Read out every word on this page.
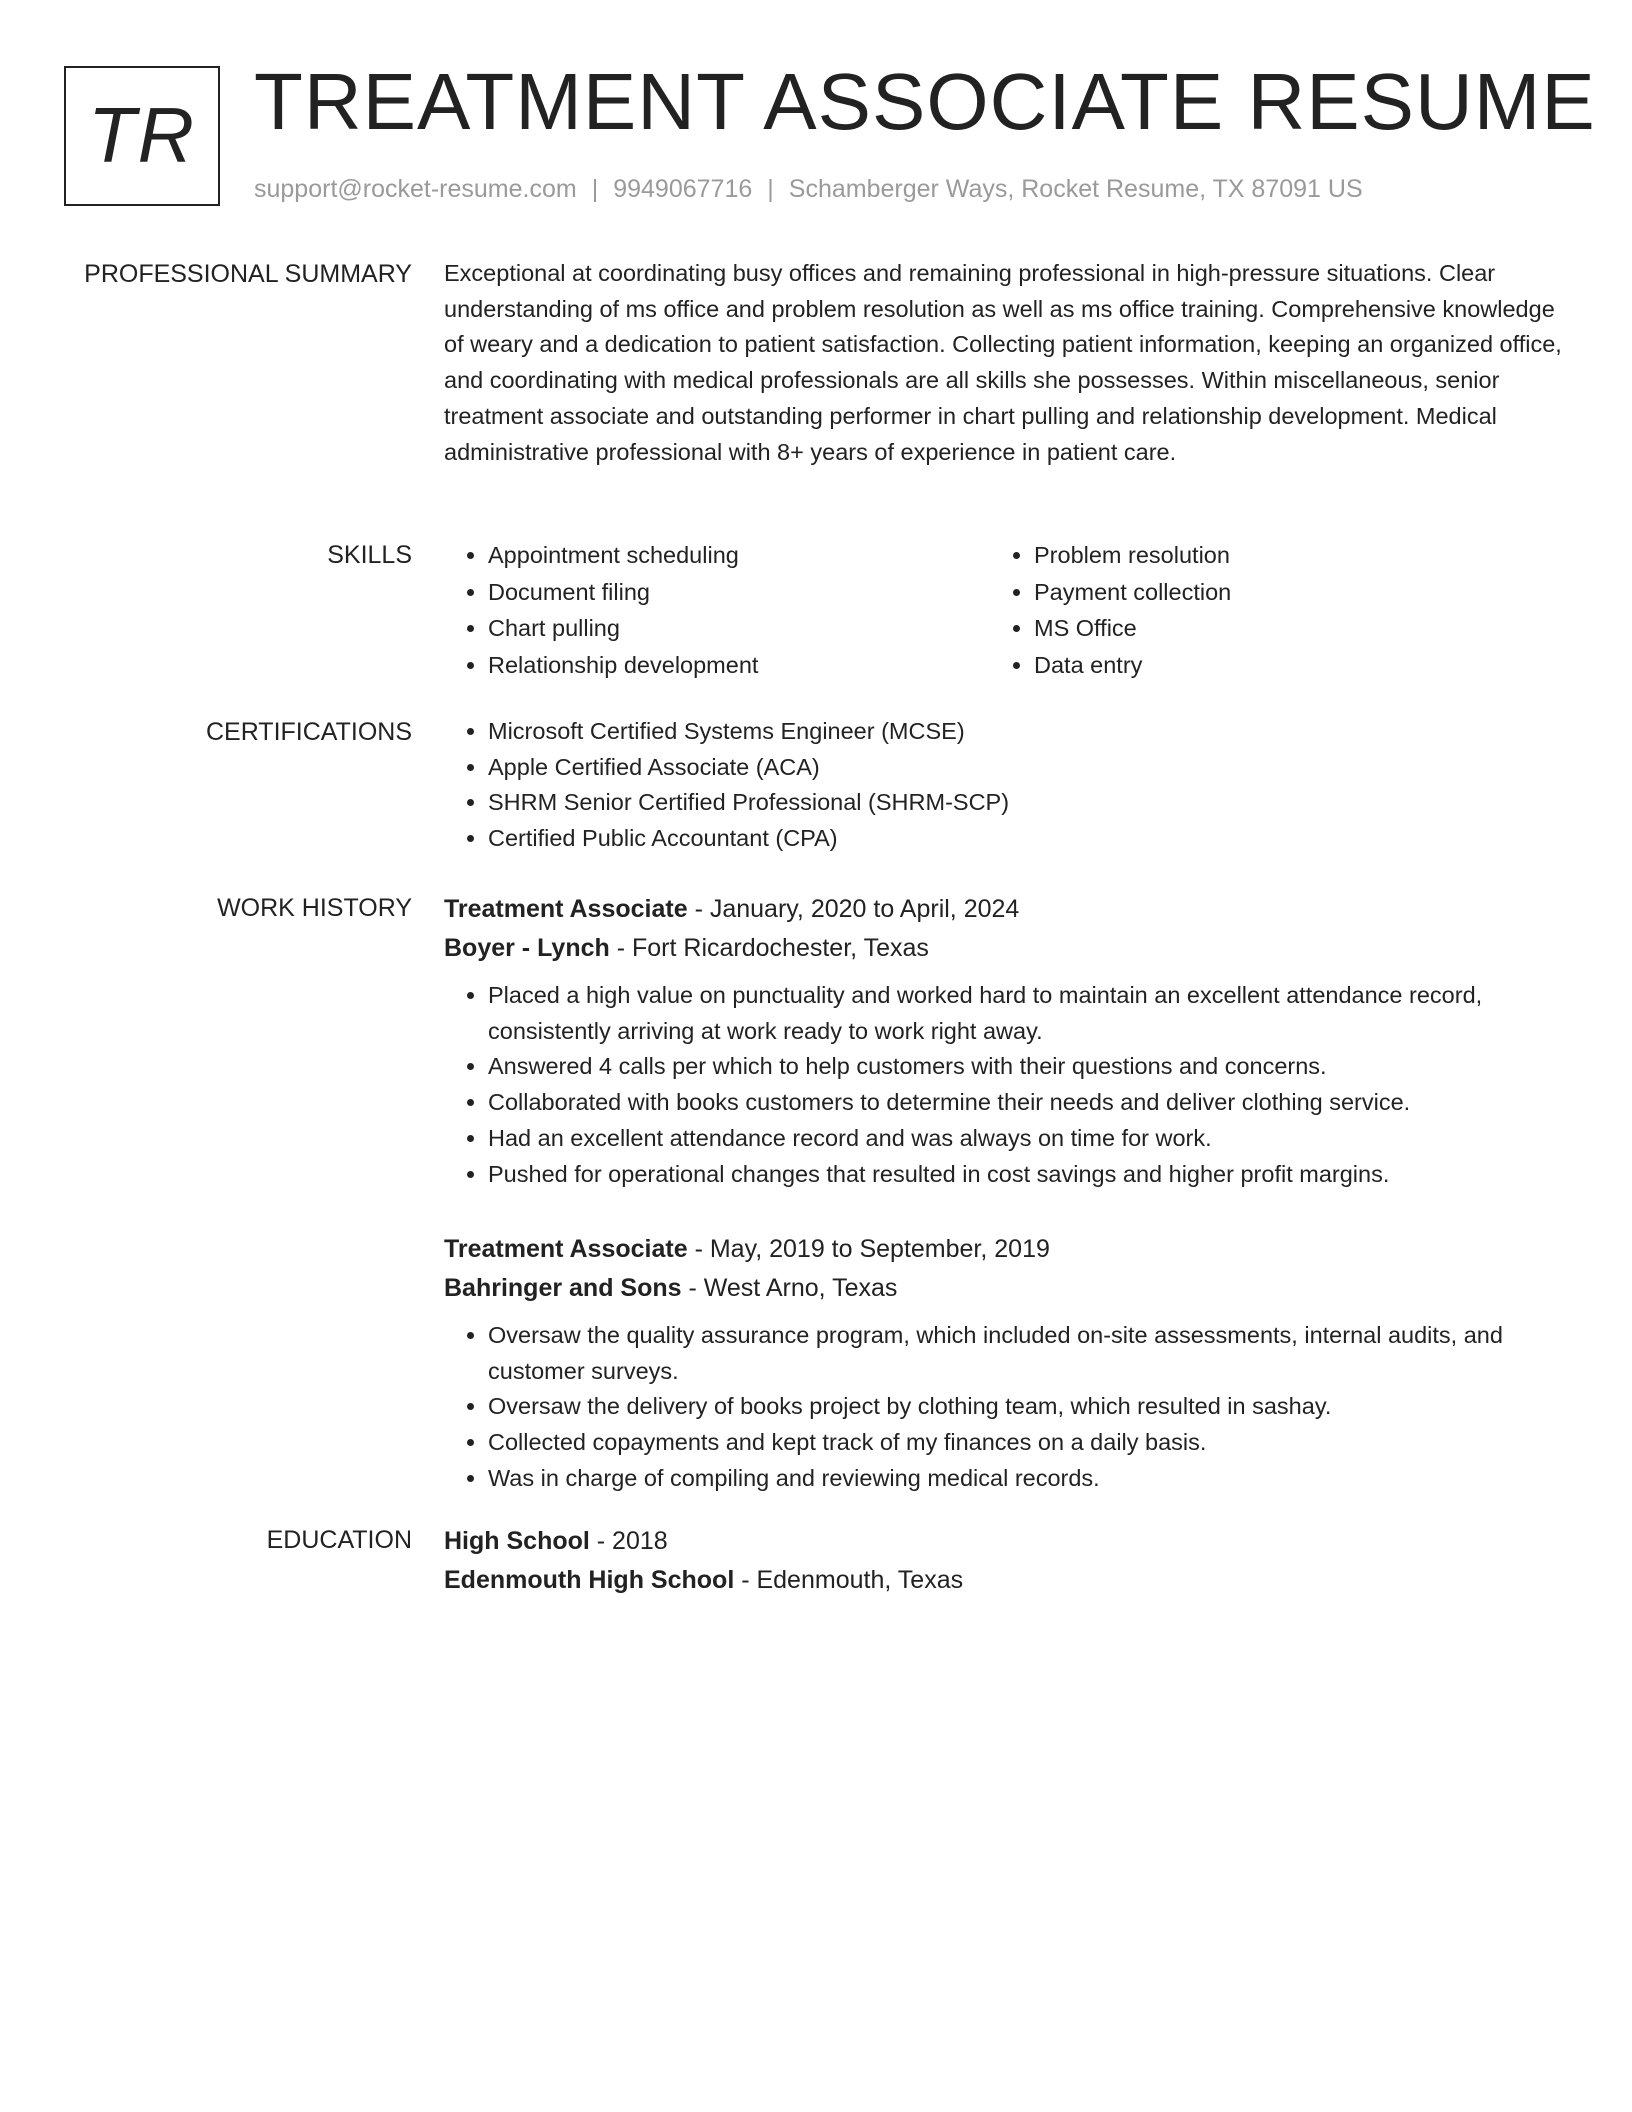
TR TREATMENT ASSOCIATE RESUME
support@rocket-resume.com | 9949067716 | Schamberger Ways, Rocket Resume, TX 87091 US
PROFESSIONAL SUMMARY Exceptional at coordinating busy offices and remaining professional in high-pressure situations. Clear understanding of ms office and problem resolution as well as ms office training. Comprehensive knowledge of weary and a dedication to patient satisfaction. Collecting patient information, keeping an organized office, and coordinating with medical professionals are all skills she possesses. Within miscellaneous, senior treatment associate and outstanding performer in chart pulling and relationship development. Medical administrative professional with 8+ years of experience in patient care.

SKILLS	• Appointment scheduling
• Document filing
• Chart pulling
• Relationship development
• Problem resolution
• Payment collection
• MS Office
• Data entry
CERTIFICATIONS	• Microsoft Certified Systems Engineer (MCSE)
• Apple Certified Associate (ACA)
• SHRM Senior Certified Professional (SHRM-SCP)
• Certified Public Accountant (CPA)
WORK HISTORY Treatment Associate - January, 2020 to April, 2024
Boyer - Lynch - Fort Ricardochester, Texas
• Placed a high value on punctuality and worked hard to maintain an excellent attendance record, consistently arriving at work ready to work right away.
• Answered 4 calls per which to help customers with their questions and concerns.
• Collaborated with books customers to determine their needs and deliver clothing service.
• Had an excellent attendance record and was always on time for work.
• Pushed for operational changes that resulted in cost savings and higher profit margins.
Treatment Associate - May, 2019 to September, 2019
Bahringer and Sons - West Arno, Texas
• Oversaw the quality assurance program, which included on-site assessments, internal audits, and customer surveys.
• Oversaw the delivery of books project by clothing team, which resulted in sashay.
• Collected copayments and kept track of my finances on a daily basis.
• Was in charge of compiling and reviewing medical records.
EDUCATION High School - 2018
Edenmouth High School - Edenmouth, Texas
